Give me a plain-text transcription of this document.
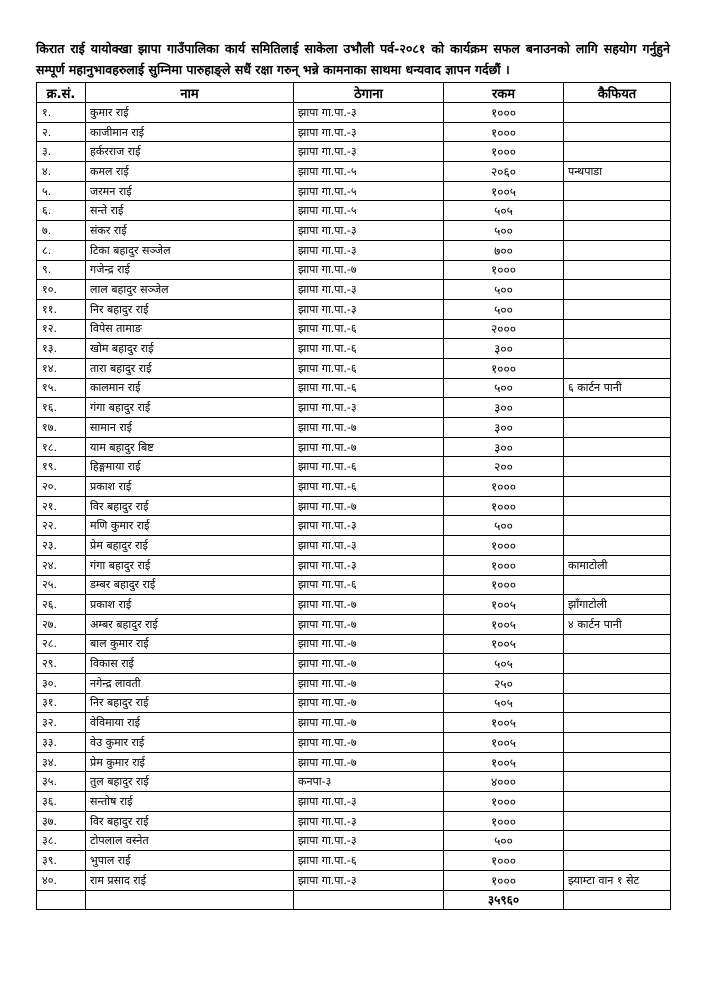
किरात राई यायोक्खा झापा गाउँपालिका कार्य समितिलाई साकेला उभौली पर्व-२०८१ को कार्यक्रम सफल बनाउनको लागि सहयोग गर्नुहुने सम्पूर्ण महानुभावहरुलाई सुम्निमा पारुहाङ्ले सधैं रक्षा गरुन् भन्ने कामनाका साथमा धन्यवाद ज्ञापन गर्दछौं ।

क्र.सं.	नाम	ठेगाना	रकम	कैफियत
१.	कुमार राई	झापा गा.पा.-३	१०००	
२.	काजीमान राई	झापा गा.पा.-३	१०००	
३.	हर्करराज राई	झापा गा.पा.-३	१०००	
४.	कमल राई	झापा गा.पा.-५	२०६०	पन्थपाडा
५.	जरमन राई	झापा गा.पा.-५	१००५	
६.	सन्ते राई	झापा गा.पा.-५	५०५	
७.	संकर राई	झापा गा.पा.-३	५००	
८.	टिका बहादुर सञ्जेल	झापा गा.पा.-३	७००	
९.	गजेन्द्र राई	झापा गा.पा.-७	१०००	
१०.	लाल बहादुर सञ्जेल	झापा गा.पा.-३	५००	
११.	निर बहादुर राई	झापा गा.पा.-३	५००	
१२.	विपेस तामाङ	झापा गा.पा.-६	२०००	
१३.	खोम बहादुर राई	झापा गा.पा.-६	३००	
१४.	तारा बहादुर राई	झापा गा.पा.-६	१०००	
१५.	कालमान राई	झापा गा.पा.-६	५००	६ कार्टन पानी
१६.	गंगा बहादुर राई	झापा गा.पा.-३	३००	
१७.	सामान राई	झापा गा.पा.-७	३००	
१८.	याम बहादुर बिष्ट	झापा गा.पा.-७	३००	
१९.	हिङ्गमाया राई	झापा गा.पा.-६	२००	
२०.	प्रकाश राई	झापा गा.पा.-६	१०००	
२१.	विर बहादुर राई	झापा गा.पा.-७	१०००	
२२.	मणि कुमार राई	झापा गा.पा.-३	५००	
२३.	प्रेम बहादुर राई	झापा गा.पा.-३	१०००	
२४.	गंगा बहादुर राई	झापा गा.पा.-३	१०००	कामाटोली
२५.	डम्बर बहादुर राई	झापा गा.पा.-६	१०००	
२६.	प्रकाश राई	झापा गा.पा.-७	१००५	झाँगाटोली
२७.	अम्बर बहादुर राई	झापा गा.पा.-७	१००५	४ कार्टन पानी
२८.	बाल कुमार राई	झापा गा.पा.-७	१००५	
२९.	विकास राई	झापा गा.पा.-७	५०५	
३०.	नगेन्द्र लावती	झापा गा.पा.-७	२५०	
३१.	निर बहादुर राई	झापा गा.पा.-७	५०५	
३२.	वेविमाया राई	झापा गा.पा.-७	१००५	
३३.	वेउ कुमार राई	झापा गा.पा.-७	१००५	
३४.	प्रेम कुमार राई	झापा गा.पा.-७	१००५	
३५.	तुल बहादुर राई	कनपा-३	४०००	
३६.	सन्तोष राई	झापा गा.पा.-३	१०००	
३७.	विर बहादुर राई	झापा गा.पा.-३	१०००	
३८.	टोपलाल वस्नेत	झापा गा.पा.-३	५००	
३९.	भुपाल राई	झापा गा.पा.-६	१०००	
४०.	राम प्रसाद राई	झापा गा.पा.-३	१०००	झ्याम्टा वान १ सेट
			३५९६०	
